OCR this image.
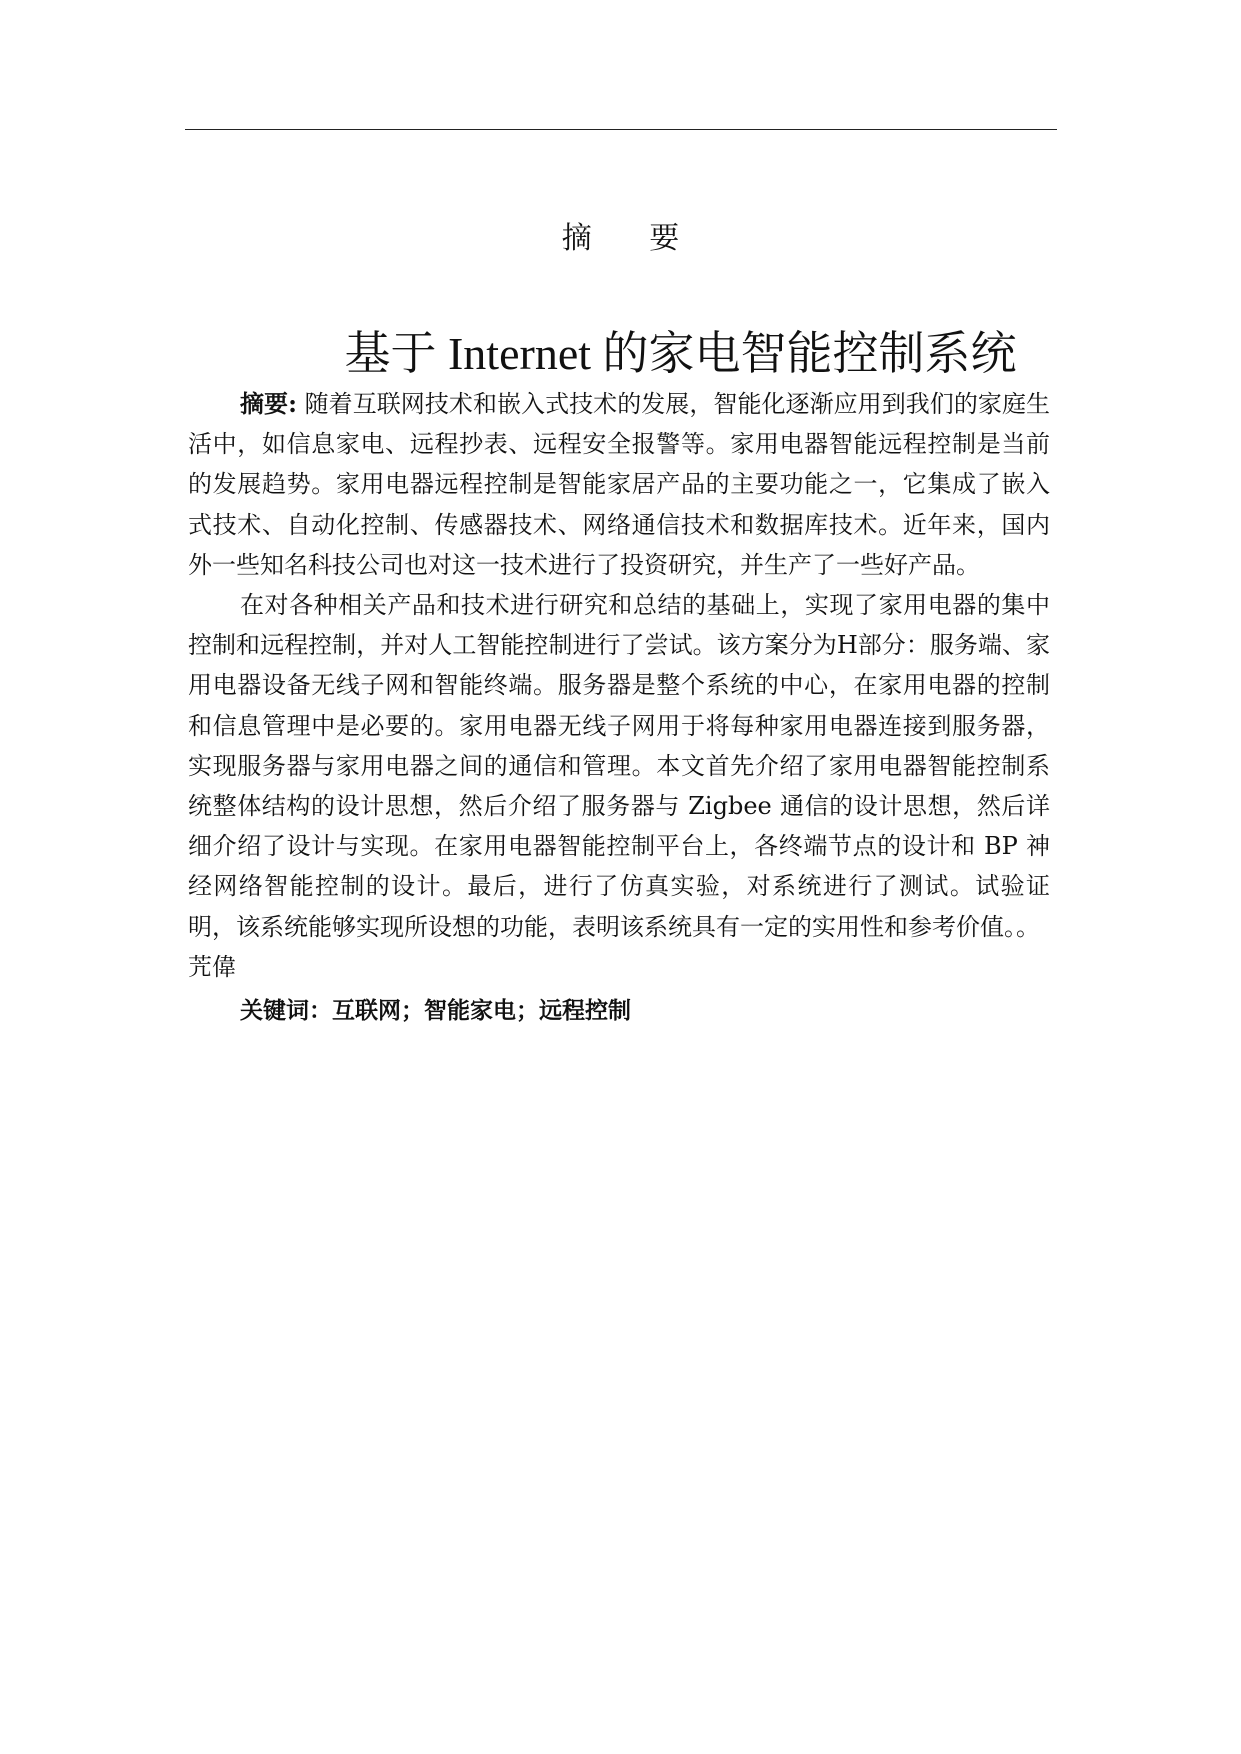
摘 要
基于 Internet 的家电智能控制系统

摘要: 随着互联网技术和嵌入式技术的发展，智能化逐渐应用到我们的家庭生活中，如信息家电、远程抄表、远程安全报警等。家用电器智能远程控制是当前的发展趋势。家用电器远程控制是智能家居产品的主要功能之一，它集成了嵌入式技术、自动化控制、传感器技术、网络通信技术和数据库技术。近年来，国内外一些知名科技公司也对这一技术进行了投资研究，并生产了一些好产品。

在对各种相关产品和技术进行研究和总结的基础上，实现了家用电器的集中控制和远程控制，并对人工智能控制进行了尝试。该方案分为H部分：服务端、家用电器设备无线子网和智能终端。服务器是整个系统的中心，在家用电器的控制和信息管理中是必要的。家用电器无线子网用于将每种家用电器连接到服务器，实现服务器与家用电器之间的通信和管理。本文首先介绍了家用电器智能控制系统整体结构的设计思想，然后介绍了服务器与 Zigbee 通信的设计思想，然后详细介绍了设计与实现。在家用电器智能控制平台上，各终端节点的设计和 BP 神经网络智能控制的设计。最后，进行了仿真实验，对系统进行了测试。试验证明，该系统能够实现所设想的功能，表明该系统具有一定的实用性和参考价值。。

苀偉

关键词：互联网；智能家电；远程控制
